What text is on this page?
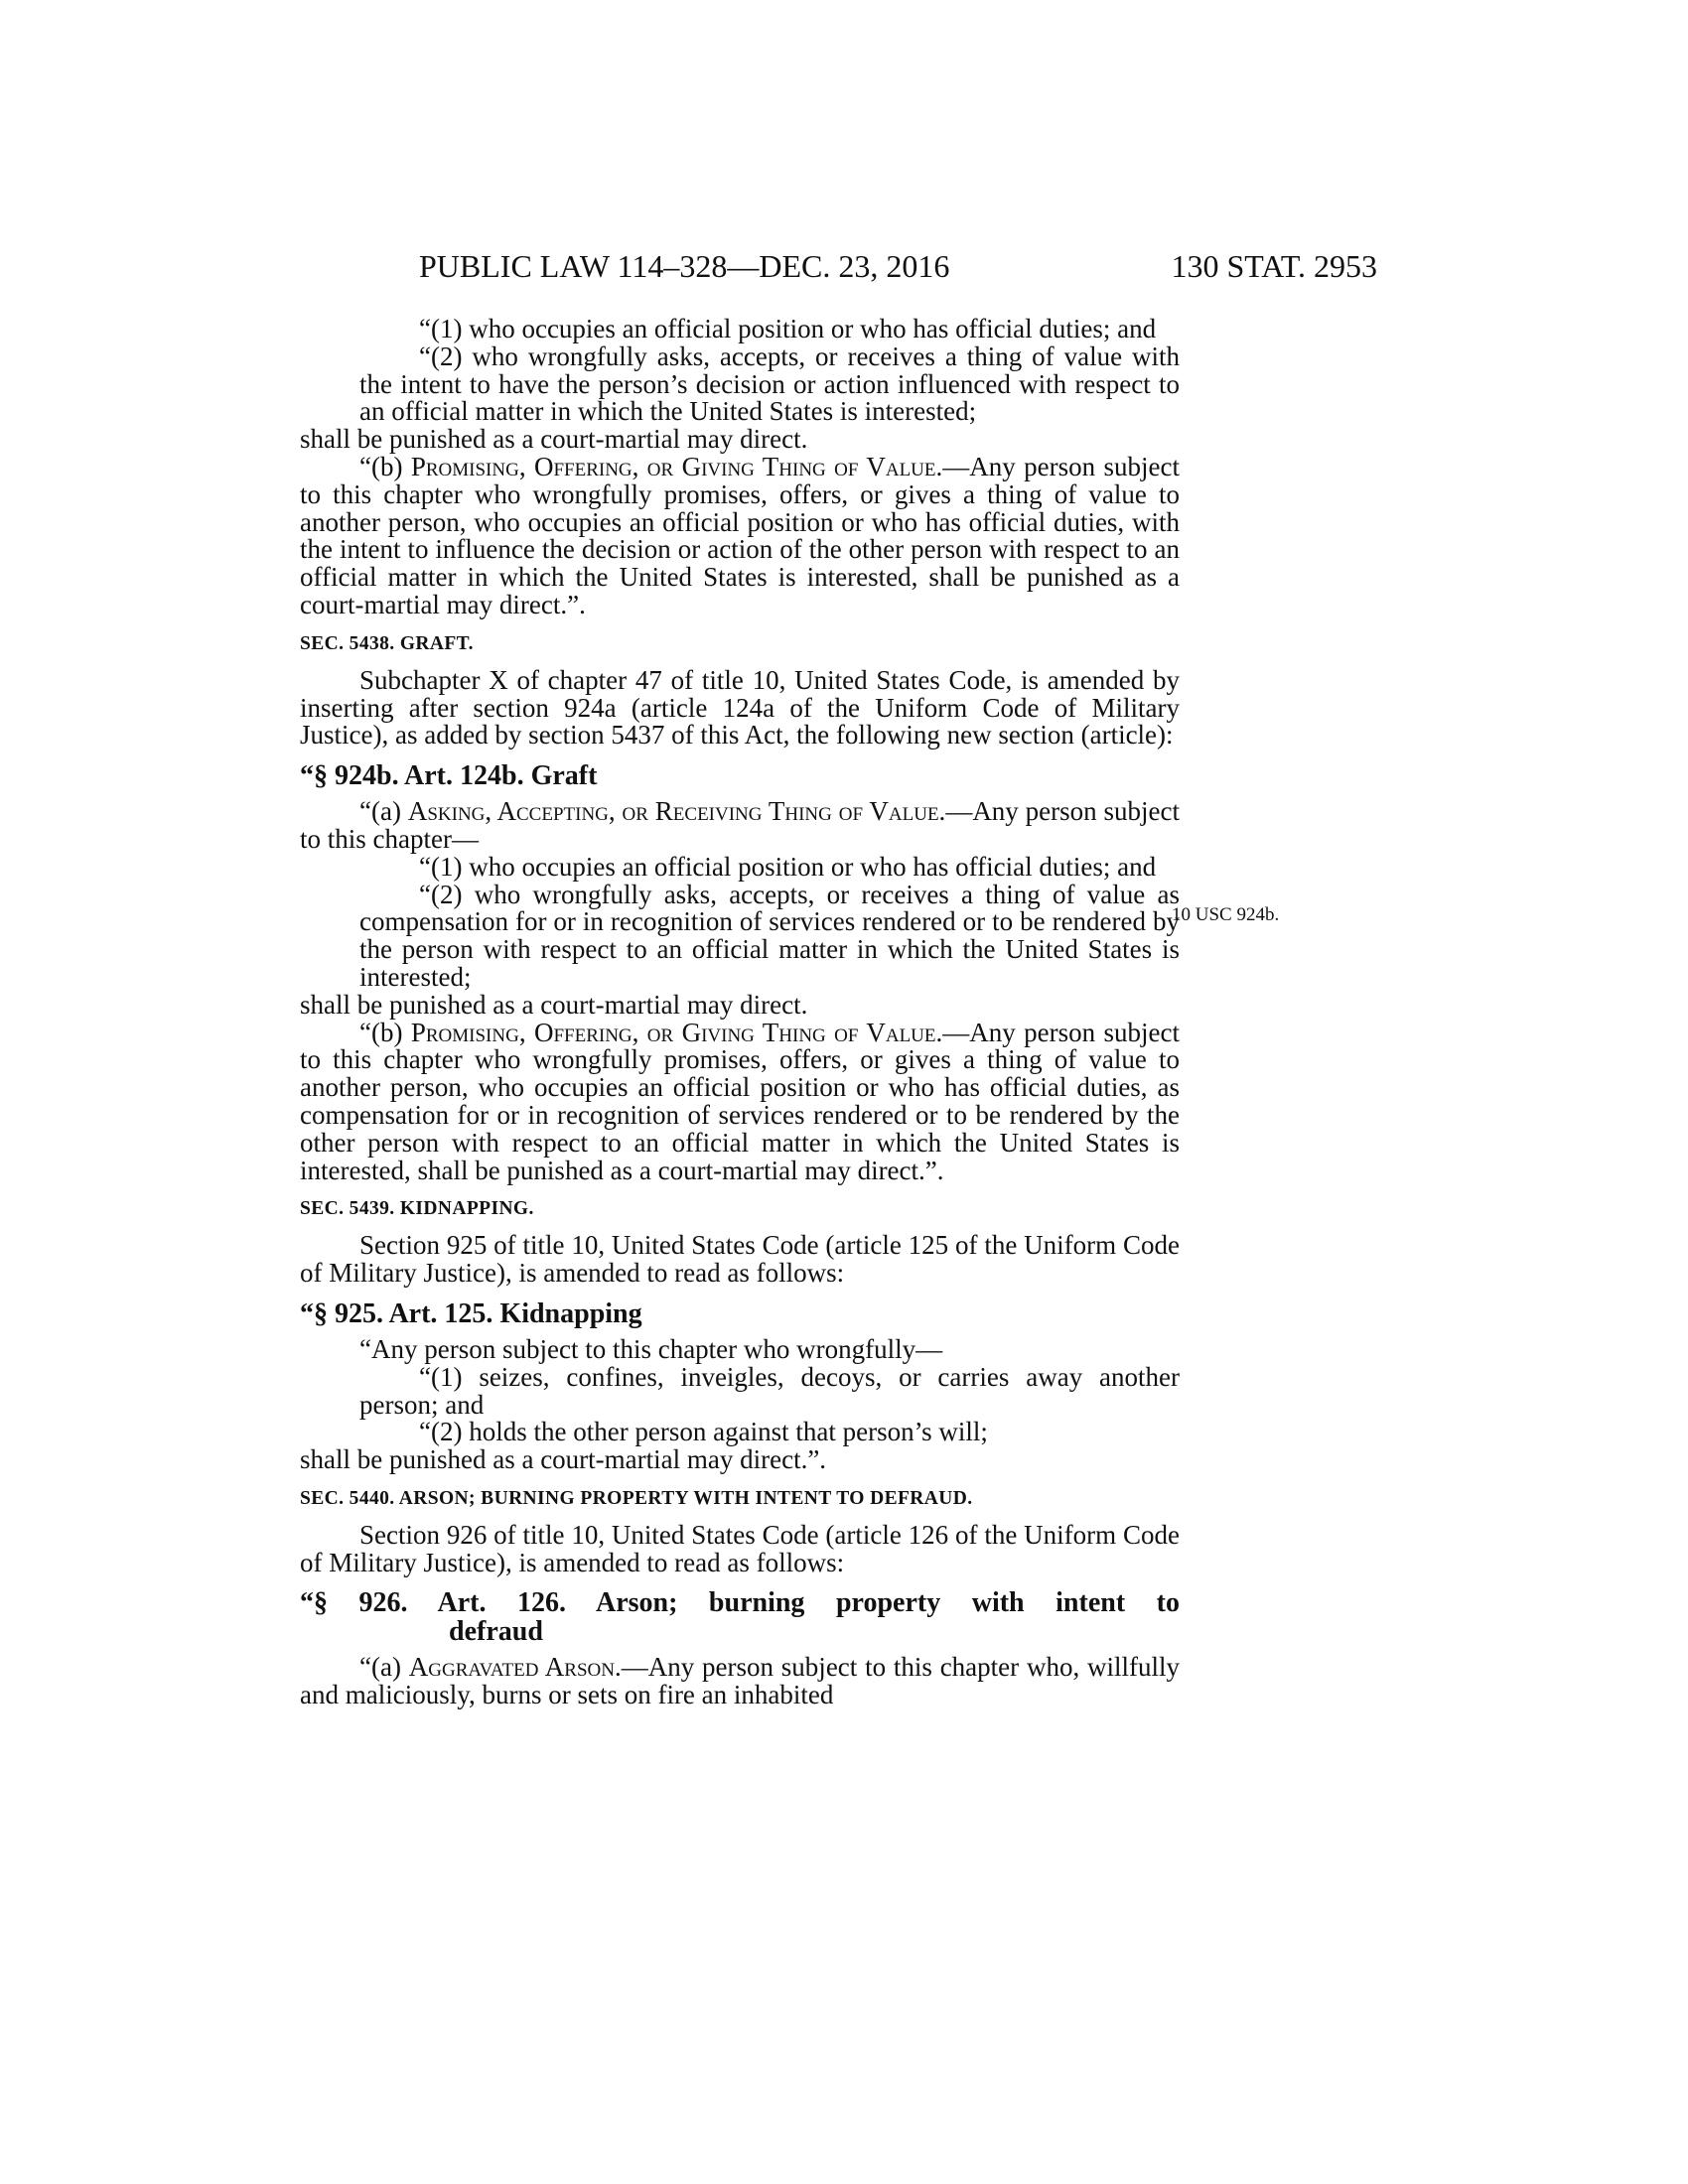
PUBLIC LAW 114–328—DEC. 23, 2016	130 STAT. 2953
10 USC 924b.

“(1) who occupies an official position or who has official duties; and

“(2) who wrongfully asks, accepts, or receives a thing of value with the intent to have the person’s decision or action influenced with respect to an official matter in which the United States is interested;

shall be punished as a court-martial may direct.

“(b) Promising, Offering, or Giving Thing of Value.—Any person subject to this chapter who wrongfully promises, offers, or gives a thing of value to another person, who occupies an official position or who has official duties, with the intent to influence the decision or action of the other person with respect to an official matter in which the United States is interested, shall be punished as a court-martial may direct.”.

SEC. 5438. GRAFT.

Subchapter X of chapter 47 of title 10, United States Code, is amended by inserting after section 924a (article 124a of the Uniform Code of Military Justice), as added by section 5437 of this Act, the following new section (article):

“§ 924b. Art. 124b. Graft

“(a) Asking, Accepting, or Receiving Thing of Value.—Any person subject to this chapter—

“(1) who occupies an official position or who has official duties; and

“(2) who wrongfully asks, accepts, or receives a thing of value as compensation for or in recognition of services rendered or to be rendered by the person with respect to an official matter in which the United States is interested;

shall be punished as a court-martial may direct.

“(b) Promising, Offering, or Giving Thing of Value.—Any person subject to this chapter who wrongfully promises, offers, or gives a thing of value to another person, who occupies an official position or who has official duties, as compensation for or in recognition of services rendered or to be rendered by the other person with respect to an official matter in which the United States is interested, shall be punished as a court-martial may direct.”.

SEC. 5439. KIDNAPPING.

Section 925 of title 10, United States Code (article 125 of the Uniform Code of Military Justice), is amended to read as follows:

“§ 925. Art. 125. Kidnapping

“Any person subject to this chapter who wrongfully—

“(1) seizes, confines, inveigles, decoys, or carries away another person; and

“(2) holds the other person against that person’s will;

shall be punished as a court-martial may direct.”.

SEC. 5440. ARSON; BURNING PROPERTY WITH INTENT TO DEFRAUD.

Section 926 of title 10, United States Code (article 126 of the Uniform Code of Military Justice), is amended to read as follows:

“§ 926. Art. 126. Arson; burning property with intent to
defraud

“(a) Aggravated Arson.—Any person subject to this chapter who, willfully and maliciously, burns or sets on fire an inhabited
